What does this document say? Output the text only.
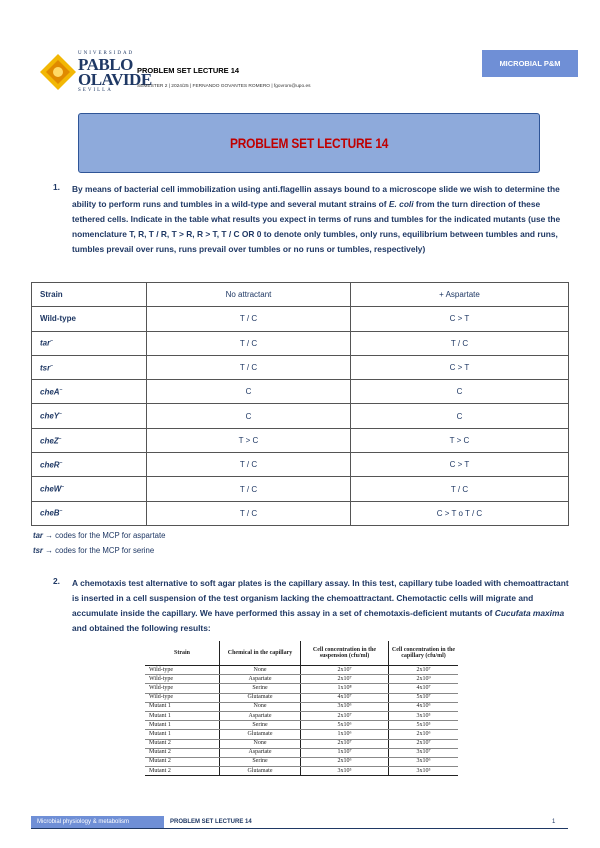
UNIVERSIDAD
PABLO
OLAVIDE
SEVILLA
PROBLEM SET LECTURE 14
SEMESTER 2 | 2024/25 | FERNANDO GOVANTES ROMERO | fgovrom@upo.es
MICROBIAL P&M
PROBLEM SET LECTURE 14
1. By means of bacterial cell immobilization using anti.flagellin assays bound to a microscope slide we wish to determine the ability to perform runs and tumbles in a wild-type and several mutant strains of E. coli from the turn direction of these tethered cells. Indicate in the table what results you expect in terms of runs and tumbles for the indicated mutants (use the nomenclature T, R, T / R, T > R, R > T, T / C OR 0 to denote only tumbles, only runs, equilibrium between tumbles and runs, tumbles prevail over runs, runs prevail over tumbles or no runs or tumbles, respectively)
Strain	No attractant	+ Aspartate
Wild-type	T / C	C > T
tar−	T / C	T / C
tsr−	T / C	C > T
cheA−	C	C
cheY−	C	C
cheZ−	T > C	T > C
cheR−	T / C	C > T
cheW−	T / C	T / C
cheB−	T / C	C > T o T / C
tar → codes for the MCP for aspartate
tsr → codes for the MCP for serine
2. A chemotaxis test alternative to soft agar plates is the capillary assay. In this test, capillary tube loaded with chemoattractant is inserted in a cell suspension of the test organism lacking the chemoattractant. Chemotactic cells will migrate and accumulate inside the capillary. We have performed this assay in a set of chemotaxis-deficient mutants of Cucufata maxima and obtained the following results:
Strain	Chemical in the capillary	Cell concentration in the suspension (cfu/ml)	Cell concentration in the capillary (cfu/ml)
Wild-type	None	2x10⁷	2x10⁷
Wild-type	Aspartate	2x10⁷	2x10⁹
Wild-type	Serine	1x10⁸	4x10⁷
Wild-type	Glutamate	4x10⁷	5x10⁷
Mutant 1	None	3x10⁶	4x10⁶
Mutant 1	Aspartate	2x10⁷	3x10⁵
Mutant 1	Serine	5x10⁶	5x10⁵
Mutant 1	Glutamate	1x10⁶	2x10⁶
Mutant 2	None	2x10⁷	2x10⁷
Mutant 2	Aspartate	1x10⁷	3x10⁷
Mutant 2	Serine	2x10⁶	3x10⁶
Mutant 2	Glutamate	3x10⁵	3x10⁵
Microbial physiology & metabolism	PROBLEM SET LECTURE 14	1
